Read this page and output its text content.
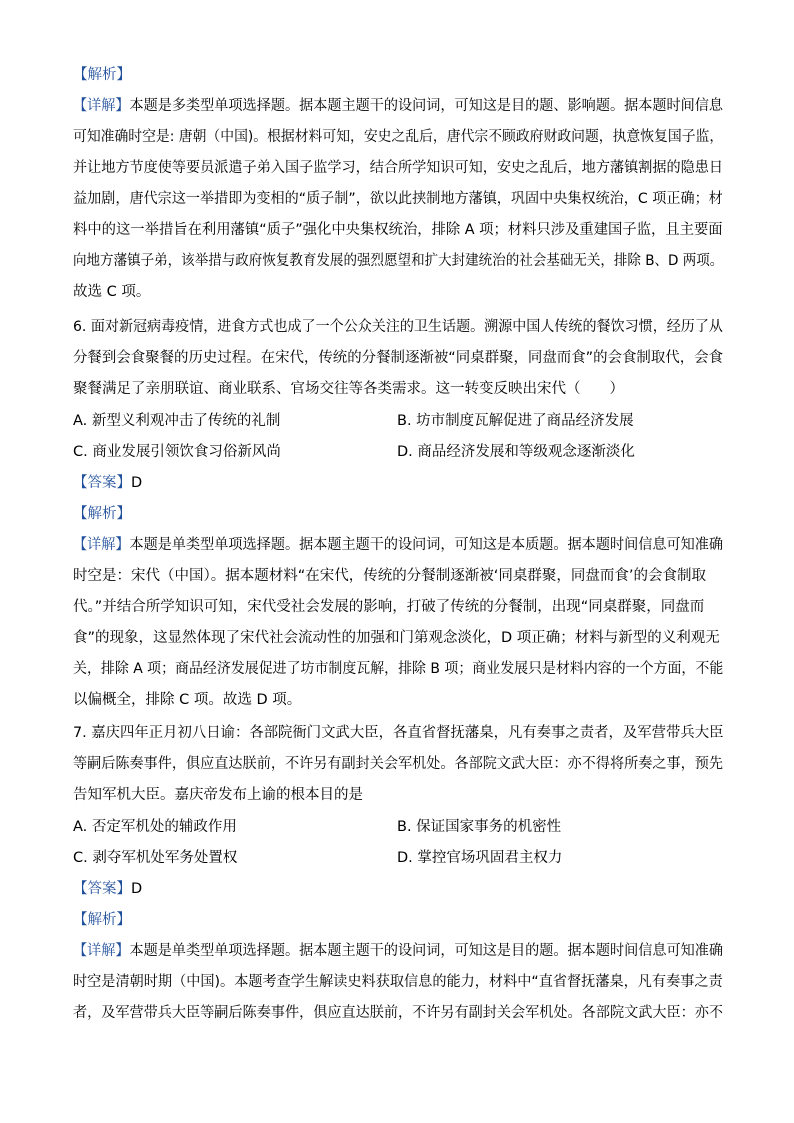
【解析】
【详解】本题是多类型单项选择题。据本题主题干的设问词，可知这是目的题、影响题。据本题时间信息
可知准确时空是: 唐朝（中国)。根据材料可知，安史之乱后，唐代宗不顾政府财政问题，执意恢复国子监，
并让地方节度使等要员派遣子弟入国子监学习，结合所学知识可知，安史之乱后，地方藩镇割据的隐患日
益加剧，唐代宗这一举措即为变相的“质子制”，欲以此挟制地方藩镇，巩固中央集权统治，C 项正确；材
料中的这一举措旨在利用藩镇“质子”强化中央集权统治，排除 A 项；材料只涉及重建国子监，且主要面
向地方藩镇子弟，该举措与政府恢复教育发展的强烈愿望和扩大封建统治的社会基础无关，排除 B、D 两项。
故选 C 项。
6. 面对新冠病毒疫情，进食方式也成了一个公众关注的卫生话题。溯源中国人传统的餐饮习惯，经历了从
分餐到会食聚餐的历史过程。在宋代，传统的分餐制逐渐被“同桌群聚，同盘而食”的会食制取代，会食
聚餐满足了亲朋联谊、商业联系、官场交往等各类需求。这一转变反映出宋代（　　）
A. 新型义利观冲击了传统的礼制	B. 坊市制度瓦解促进了商品经济发展
C. 商业发展引领饮食习俗新风尚	D. 商品经济发展和等级观念逐渐淡化
【答案】D
【解析】
【详解】本题是单类型单项选择题。据本题主题干的设问词，可知这是本质题。据本题时间信息可知准确
时空是：宋代（中国）。据本题材料“在宋代，传统的分餐制逐渐被‘同桌群聚，同盘而食’的会食制取
代。”并结合所学知识可知，宋代受社会发展的影响，打破了传统的分餐制，出现“同桌群聚，同盘而
食”的现象，这显然体现了宋代社会流动性的加强和门第观念淡化，D 项正确；材料与新型的义利观无
关，排除 A 项；商品经济发展促进了坊市制度瓦解，排除 B 项；商业发展只是材料内容的一个方面，不能
以偏概全，排除 C 项。故选 D 项。
7. 嘉庆四年正月初八日谕：各部院衙门文武大臣，各直省督抚藩臬，凡有奏事之责者，及军营带兵大臣
等嗣后陈奏事件，俱应直达朕前，不许另有副封关会军机处。各部院文武大臣：亦不得将所奏之事，预先
告知军机大臣。嘉庆帝发布上谕的根本目的是
A. 否定军机处的辅政作用	B. 保证国家事务的机密性
C. 剥夺军机处军务处置权	D. 掌控官场巩固君主权力
【答案】D
【解析】
【详解】本题是单类型单项选择题。据本题主题干的设问词，可知这是目的题。据本题时间信息可知准确
时空是清朝时期（中国)。本题考查学生解读史料获取信息的能力，材料中“直省督抚藩臬，凡有奏事之责
者，及军营带兵大臣等嗣后陈奏事件，俱应直达朕前，不许另有副封关会军机处。各部院文武大臣：亦不
